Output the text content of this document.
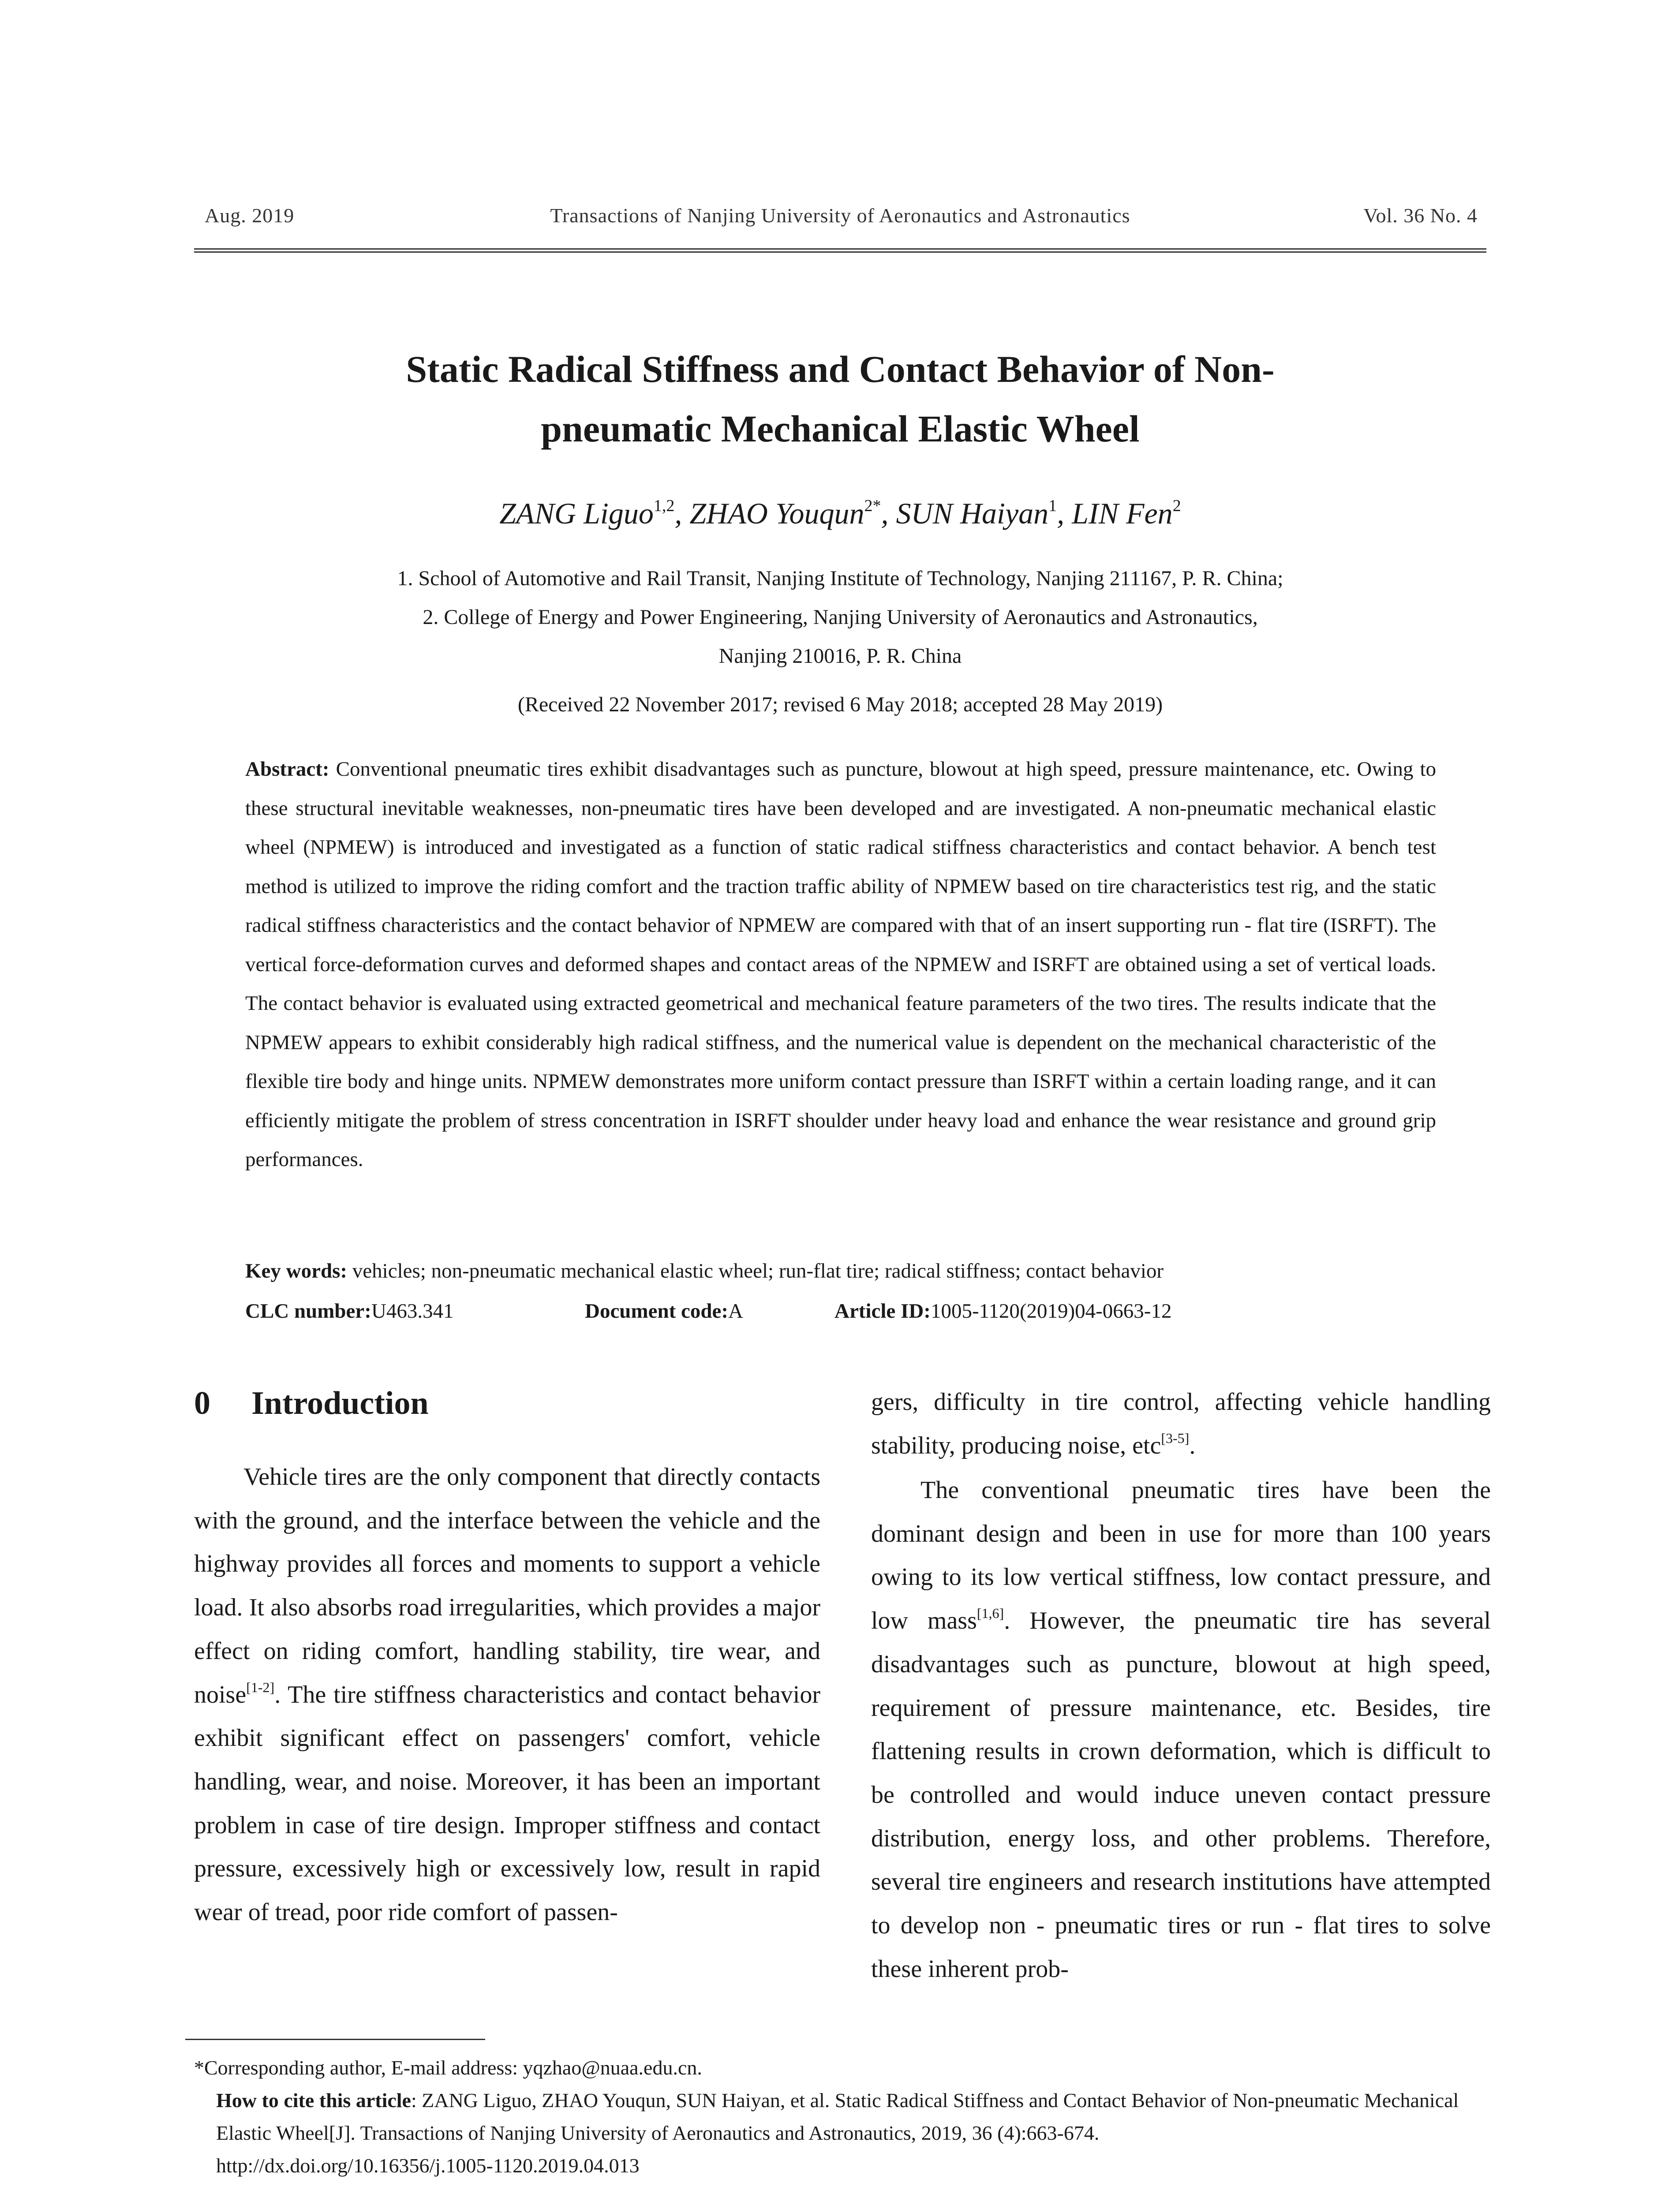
Aug. 2019	Transactions of Nanjing University of Aeronautics and Astronautics	Vol. 36 No. 4
Static Radical Stiffness and Contact Behavior of Non-
pneumatic Mechanical Elastic Wheel
ZANG Liguo$^{1,2}$, ZHAO Youqun$^{2*}$, SUN Haiyan$^1$, LIN Fen$^2$
1. School of Automotive and Rail Transit, Nanjing Institute of Technology, Nanjing 211167, P. R. China;
2. College of Energy and Power Engineering, Nanjing University of Aeronautics and Astronautics,
Nanjing 210016, P. R. China
(Received 22 November 2017; revised 6 May 2018; accepted 28 May 2019)
Abstract: Conventional pneumatic tires exhibit disadvantages such as puncture, blowout at high speed, pressure maintenance, etc. Owing to these structural inevitable weaknesses, non-pneumatic tires have been developed and are investigated. A non-pneumatic mechanical elastic wheel (NPMEW) is introduced and investigated as a function of static radical stiffness characteristics and contact behavior. A bench test method is utilized to improve the riding comfort and the traction traffic ability of NPMEW based on tire characteristics test rig, and the static radical stiffness characteristics and the contact behavior of NPMEW are compared with that of an insert supporting run - flat tire (ISRFT). The vertical force-deformation curves and deformed shapes and contact areas of the NPMEW and ISRFT are obtained using a set of vertical loads. The contact behavior is evaluated using extracted geometrical and mechanical feature parameters of the two tires. The results indicate that the NPMEW appears to exhibit considerably high radical stiffness, and the numerical value is dependent on the mechanical characteristic of the flexible tire body and hinge units. NPMEW demonstrates more uniform contact pressure than ISRFT within a certain loading range, and it can efficiently mitigate the problem of stress concentration in ISRFT shoulder under heavy load and enhance the wear resistance and ground grip performances.
Key words: vehicles; non-pneumatic mechanical elastic wheel; run-flat tire; radical stiffness; contact behavior
CLC number:U463.341	Document code:A	Article ID:1005-1120(2019)04-0663-12
0 Introduction

Vehicle tires are the only component that directly contacts with the ground, and the interface between the vehicle and the highway provides all forces and moments to support a vehicle load. It also absorbs road irregularities, which provides a major effect on riding comfort, handling stability, tire wear, and noise[1-2]. The tire stiffness characteristics and contact behavior exhibit significant effect on passengers' comfort, vehicle handling, wear, and noise. Moreover, it has been an important problem in case of tire design. Improper stiffness and contact pressure, excessively high or excessively low, result in rapid wear of tread, poor ride comfort of passen-

gers, difficulty in tire control, affecting vehicle handling stability, producing noise, etc[3-5].

The conventional pneumatic tires have been the dominant design and been in use for more than 100 years owing to its low vertical stiffness, low contact pressure, and low mass[1,6]. However, the pneumatic tire has several disadvantages such as puncture, blowout at high speed, requirement of pressure maintenance, etc. Besides, tire flattening results in crown deformation, which is difficult to be controlled and would induce uneven contact pressure distribution, energy loss, and other problems. Therefore, several tire engineers and research institutions have attempted to develop non - pneumatic tires or run - flat tires to solve these inherent prob-

*Corresponding author, E-mail address: yqzhao@nuaa.edu.cn.
How to cite this article: ZANG Liguo, ZHAO Youqun, SUN Haiyan, et al. Static Radical Stiffness and Contact Behavior of Non-pneumatic Mechanical Elastic Wheel[J]. Transactions of Nanjing University of Aeronautics and Astronautics, 2019, 36 (4):663-674.
http://dx.doi.org/10.16356/j.1005-1120.2019.04.013
